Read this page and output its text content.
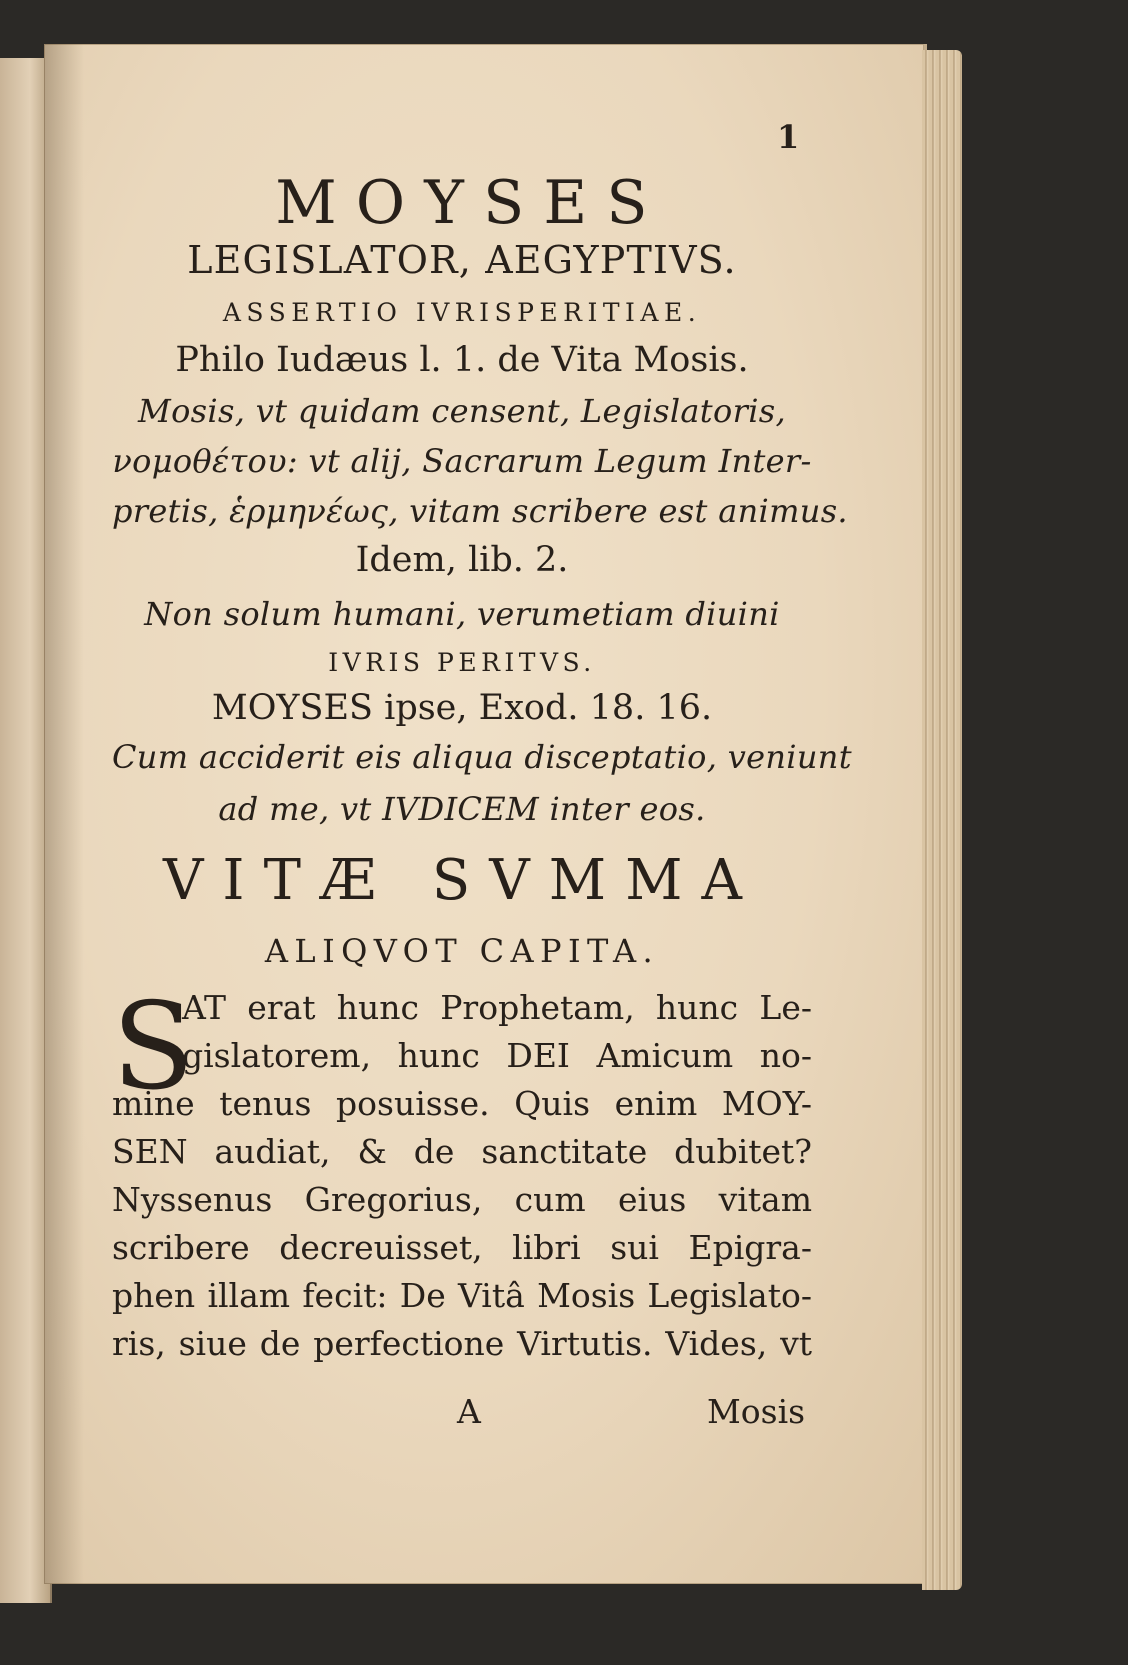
1
MOYSES
LEGISLATOR, AEGYPTIVS.
ASSERTIO IVRISPERITIAE.
Philo Iudæus l. 1. de Vita Mosis.
Mosis, vt quidam censent, Legislatoris,
νομοθέτου: vt alij, Sacrarum Legum Inter-
pretis, ἑρμηνέως, vitam scribere est animus.
Idem, lib. 2.
Non solum humani, verumetiam diuini
IVRIS PERITVS.
MOYSES ipse, Exod. 18. 16.
Cum acciderit eis aliqua disceptatio, veniunt
ad me, vt IVDICEM inter eos.
VITÆ SVMMA
ALIQVOT CAPITA.
S
AT erat hunc Prophetam, hunc Le-
gislatorem, hunc DEI Amicum no-
mine tenus posuisse. Quis enim MOY-
SEN audiat, & de sanctitate dubitet?
Nyssenus Gregorius, cum eius vitam
scribere decreuisset, libri sui Epigra-
phen illam fecit: De Vitâ Mosis Legislato-
ris, siue de perfectione Virtutis. Vides, vt
A	Mosis
